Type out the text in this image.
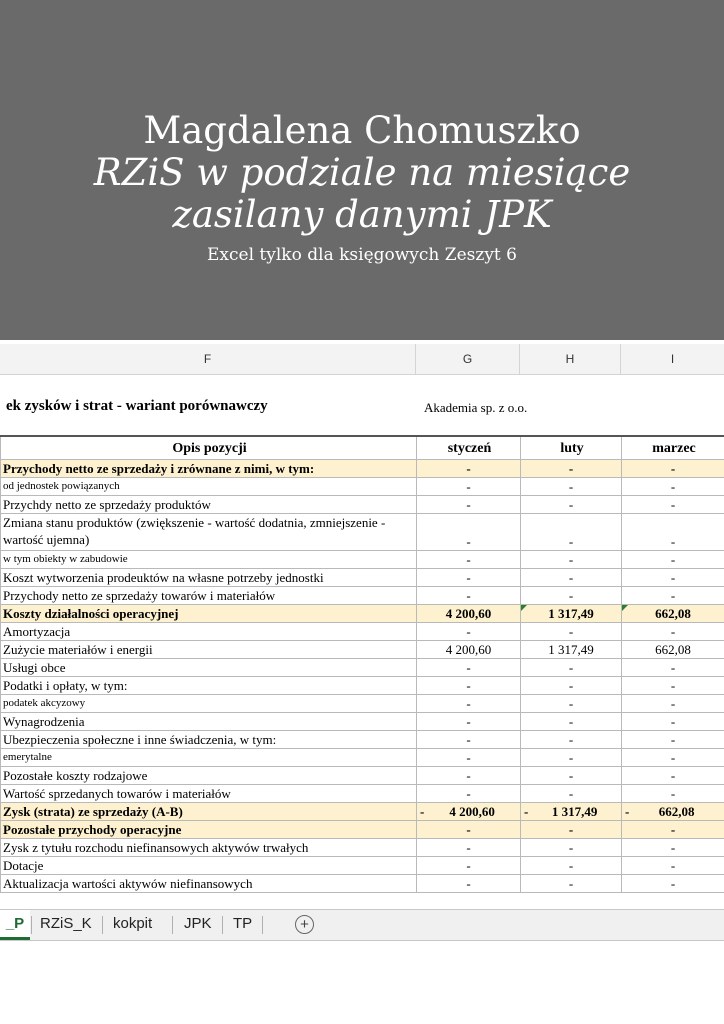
Magdalena Chomuszko
RZiS w podziale na miesiące
zasilany danymi JPK
Excel tylko dla księgowych Zeszyt 6
F	G	H	I
ek zysków i strat - wariant porównawczy	Akademia sp. z o.o.
Opis pozycji	styczeń	luty	marzec
Przychody netto ze sprzedaży i zrównane z nimi, w tym:	-	-	-
od jednostek powiązanych	-	-	-
Przychdy netto ze sprzedaży produktów	-	-	-
Zmiana stanu produktów (zwiększenie - wartość dodatnia, zmniejszenie - wartość ujemna)	-	-	-
w tym obiekty w zabudowie	-	-	-
Koszt wytworzenia prodeuktów na własne potrzeby jednostki	-	-	-
Przychody netto ze sprzedaży towarów i materiałów	-	-	-
Koszty działalności operacyjnej	4 200,60	1 317,49	662,08
Amortyzacja	-	-	-
Zużycie materiałów i energii	4 200,60	1 317,49	662,08
Usługi obce	-	-	-
Podatki i opłaty, w tym:	-	-	-
podatek akcyzowy	-	-	-
Wynagrodzenia	-	-	-
Ubezpieczenia społeczne i inne świadczenia, w tym:	-	-	-
emerytalne	-	-	-
Pozostałe koszty rodzajowe	-	-	-
Wartość sprzedanych towarów i materiałów	-	-	-
Zysk (strata) ze sprzedaży (A-B)	- 4 200,60	- 1 317,49	- 662,08
Pozostałe przychody operacyjne	-	-	-
Zysk z tytułu rozchodu niefinansowych aktywów trwałych	-	-	-
Dotacje	-	-	-
Aktualizacja wartości aktywów niefinansowych	-	-	-
_P	RZiS_K kokpit JPK TP	+
